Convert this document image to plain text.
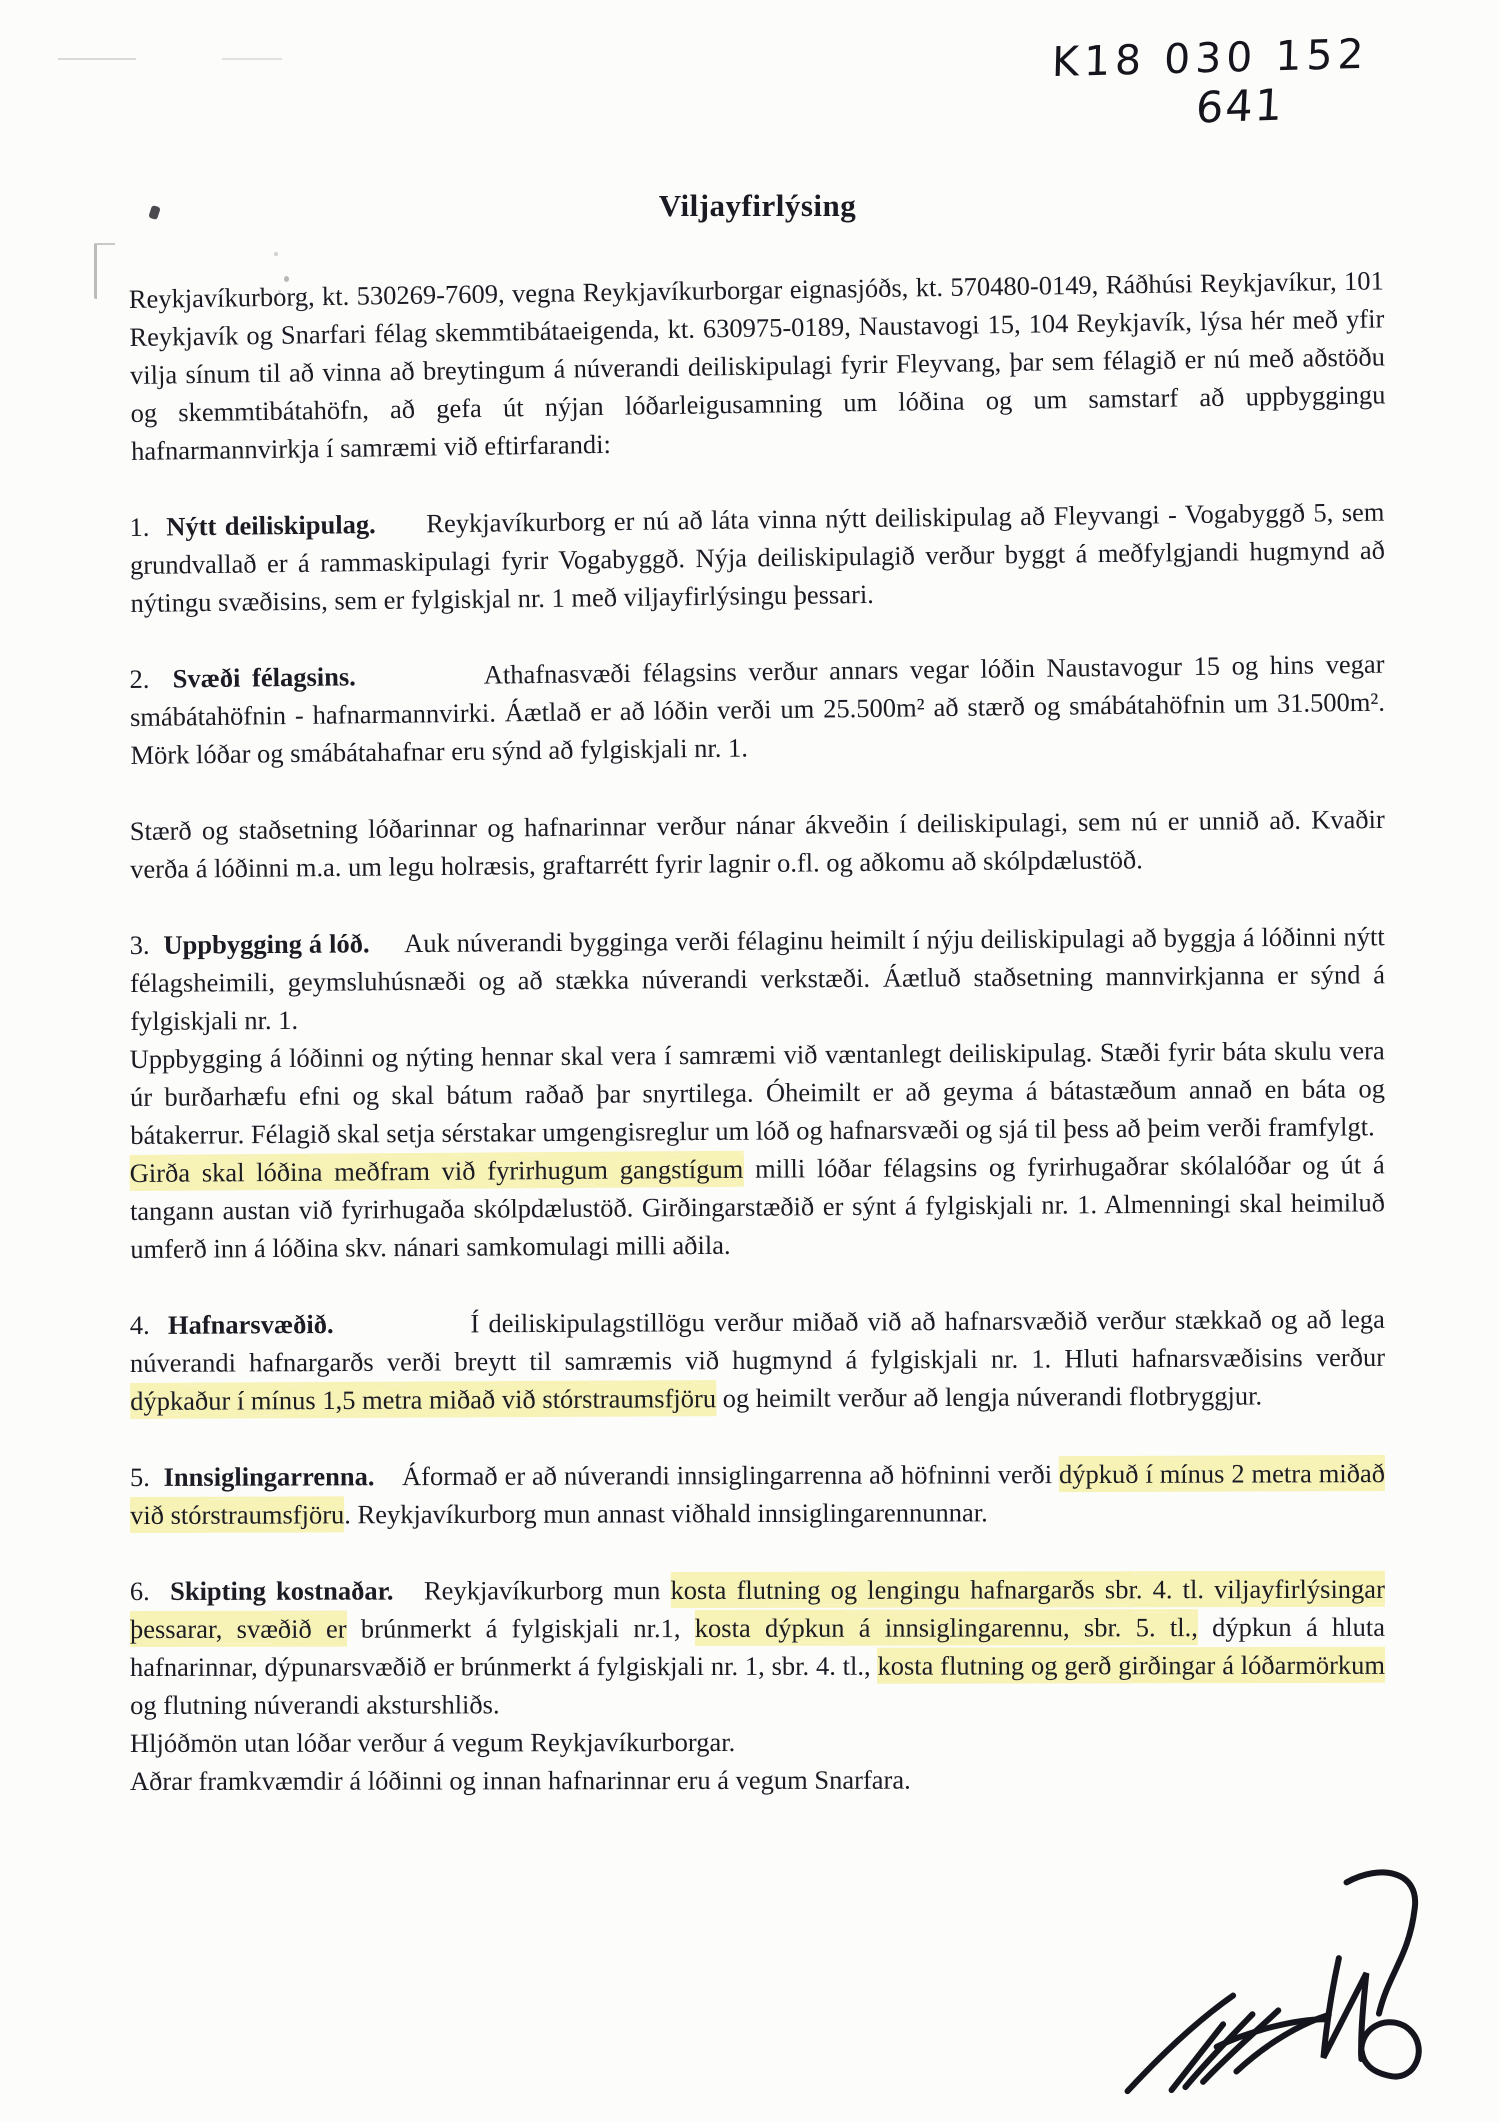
K18 030 152
641
Viljayfirlýsing

Reykjavíkurborg, kt. 530269-7609, vegna Reykjavíkurborgar eignasjóðs, kt. 570480-0149, Ráðhúsi Reykjavíkur, 101 Reykjavík og Snarfari félag skemmtibátaeigenda, kt. 630975-0189, Naustavogi 15, 104 Reykjavík, lýsa hér með yfir vilja sínum til að vinna að breytingum á núverandi deiliskipulagi fyrir Fleyvang, þar sem félagið er nú með aðstöðu og skemmtibátahöfn, að gefa út nýjan lóðarleigusamning um lóðina og um samstarf að uppbyggingu hafnarmannvirkja í samræmi við eftirfarandi:

1.  Nýtt deiliskipulag.      Reykjavíkurborg er nú að láta vinna nýtt deiliskipulag að Fleyvangi - Vogabyggð 5, sem grundvallað er á rammaskipulagi fyrir Vogabyggð. Nýja deiliskipulagið verður byggt á meðfylgjandi hugmynd að nýtingu svæðisins, sem er fylgiskjal nr. 1 með viljayfirlýsingu þessari.

2.  Svæði félagsins.           Athafnasvæði félagsins verður annars vegar lóðin Naustavogur 15 og hins vegar smábátahöfnin - hafnarmannvirki. Áætlað er að lóðin verði um 25.500m² að stærð og smábátahöfnin um 31.500m². Mörk lóðar og smábátahafnar eru sýnd að fylgiskjali nr. 1.

Stærð og staðsetning lóðarinnar og hafnarinnar verður nánar ákveðin í deiliskipulagi, sem nú er unnið að. Kvaðir verða á lóðinni m.a. um legu holræsis, graftarrétt fyrir lagnir o.fl. og aðkomu að skólpdælustöð.

3.  Uppbygging á lóð.     Auk núverandi bygginga verði félaginu heimilt í nýju deiliskipulagi að byggja á lóðinni nýtt félagsheimili, geymsluhúsnæði og að stækka núverandi verkstæði. Áætluð staðsetning mannvirkjanna er sýnd á fylgiskjali nr. 1.

Uppbygging á lóðinni og nýting hennar skal vera í samræmi við væntanlegt deiliskipulag. Stæði fyrir báta skulu vera úr burðarhæfu efni og skal bátum raðað þar snyrtilega. Óheimilt er að geyma á bátastæðum annað en báta og bátakerrur. Félagið skal setja sérstakar umgengisreglur um lóð og hafnarsvæði og sjá til þess að þeim verði framfylgt.

Girða skal lóðina meðfram við fyrirhugum gangstígum milli lóðar félagsins og fyrirhugaðrar skólalóðar og út á tangann austan við fyrirhugaða skólpdælustöð. Girðingarstæðið er sýnt á fylgiskjali nr. 1. Almenningi skal heimiluð umferð inn á lóðina skv. nánari samkomulagi milli aðila.

4.  Hafnarsvæðið.               Í deiliskipulagstillögu verður miðað við að hafnarsvæðið verður stækkað og að lega núverandi hafnargarðs verði breytt til samræmis við hugmynd á fylgiskjali nr. 1. Hluti hafnarsvæðisins verður dýpkaður í mínus 1,5 metra miðað við stórstraumsfjöru og heimilt verður að lengja núverandi flotbryggjur.

5.  Innsiglingarrenna.    Áformað er að núverandi innsiglingarrenna að höfninni verði dýpkuð í mínus 2 metra miðað við stórstraumsfjöru. Reykjavíkurborg mun annast viðhald innsiglingarennunnar.

6.  Skipting kostnaðar.   Reykjavíkurborg mun kosta flutning og lengingu hafnargarðs sbr. 4. tl. viljayfirlýsingar þessarar, svæðið er brúnmerkt á fylgiskjali nr.1, kosta dýpkun á innsiglingarennu, sbr. 5. tl., dýpkun á hluta hafnarinnar, dýpunarsvæðið er brúnmerkt á fylgiskjali nr. 1, sbr. 4. tl., kosta flutning og gerð girðingar á lóðarmörkum og flutning núverandi aksturshliðs.

Hljóðmön utan lóðar verður á vegum Reykjavíkurborgar.

Aðrar framkvæmdir á lóðinni og innan hafnarinnar eru á vegum Snarfara.
